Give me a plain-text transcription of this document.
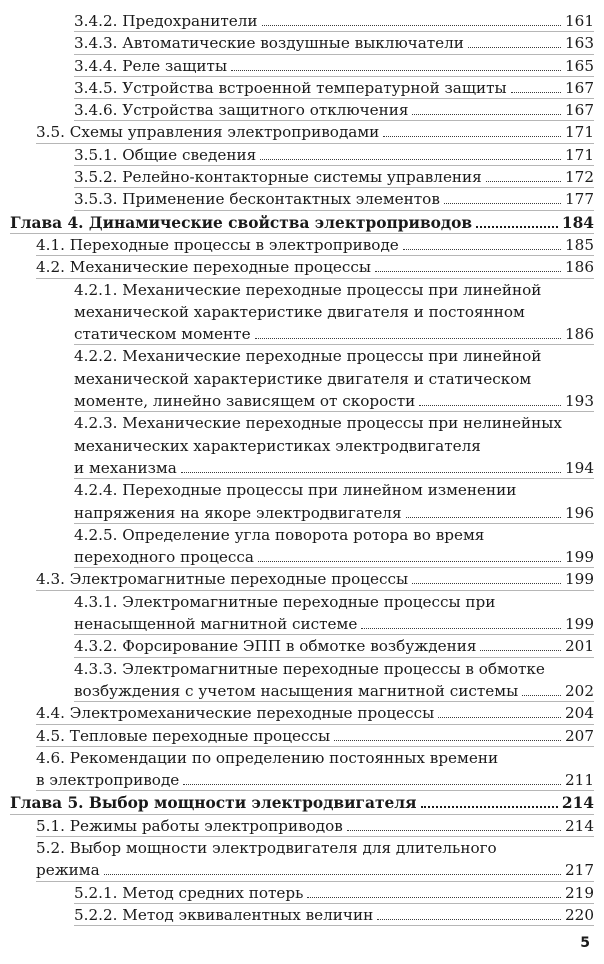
3.4.2. Предохранители	161
3.4.3. Автоматические воздушные выключатели	163
3.4.4. Реле защиты	165
3.4.5. Устройства встроенной температурной защиты	167
3.4.6. Устройства защитного отключения	167
3.5. Схемы управления электроприводами	171
3.5.1. Общие сведения	171
3.5.2. Релейно-контакторные системы управления	172
3.5.3. Применение бесконтактных элементов	177
Глава 4. Динамические свойства электроприводов	184
4.1. Переходные процессы в электроприводе	185
4.2. Механические переходные процессы	186
4.2.1. Механические переходные процессы при линейной
механической характеристике двигателя и постоянном
статическом моменте	186
4.2.2. Механические переходные процессы при линейной
механической характеристике двигателя и статическом
моменте, линейно зависящем от скорости	193
4.2.3. Механические переходные процессы при нелинейных
механических характеристиках электродвигателя
и механизма	194
4.2.4. Переходные процессы при линейном изменении
напряжения на якоре электродвигателя	196
4.2.5. Определение угла поворота ротора во время
переходного процесса	199
4.3. Электромагнитные переходные процессы	199
4.3.1. Электромагнитные переходные процессы при
ненасыщенной магнитной системе	199
4.3.2. Форсирование ЭПП в обмотке возбуждения	201
4.3.3. Электромагнитные переходные процессы в обмотке
возбуждения с учетом насыщения магнитной системы	202
4.4. Электромеханические переходные процессы	204
4.5. Тепловые переходные процессы	207
4.6. Рекомендации по определению постоянных времени
в электроприводе	211
Глава 5. Выбор мощности электродвигателя	214
5.1. Режимы работы электроприводов	214
5.2. Выбор мощности электродвигателя для длительного
режима	217
5.2.1. Метод средних потерь	219
5.2.2. Метод эквивалентных величин	220
5
